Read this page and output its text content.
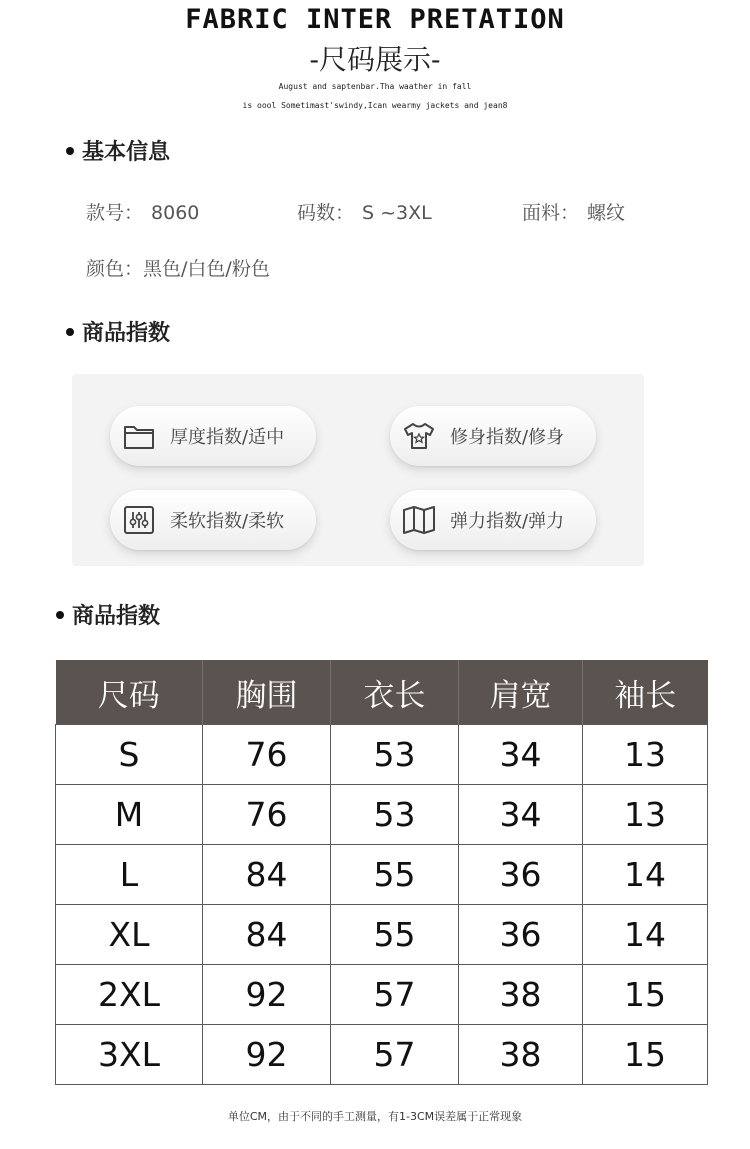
FABRIC INTER PRETATION
-尺码展示-
August and saptenbar.Tha waather in fall
is oool Sometimast'swindy,Ican wearmy jackets and jean8
基本信息
款号： 8060	码数： S ~3XL	面料： 螺纹
颜色：黑色/白色/粉色
商品指数
厚度指数/适中	修身指数/修身
柔软指数/柔软	弹力指数/弹力
商品指数
尺码	胸围	衣长	肩宽	袖长
S	76	53	34	13
M	76	53	34	13
L	84	55	36	14
XL	84	55	36	14
2XL	92	57	38	15
3XL	92	57	38	15
单位CM，由于不同的手工测量，有1-3CM误差属于正常现象
